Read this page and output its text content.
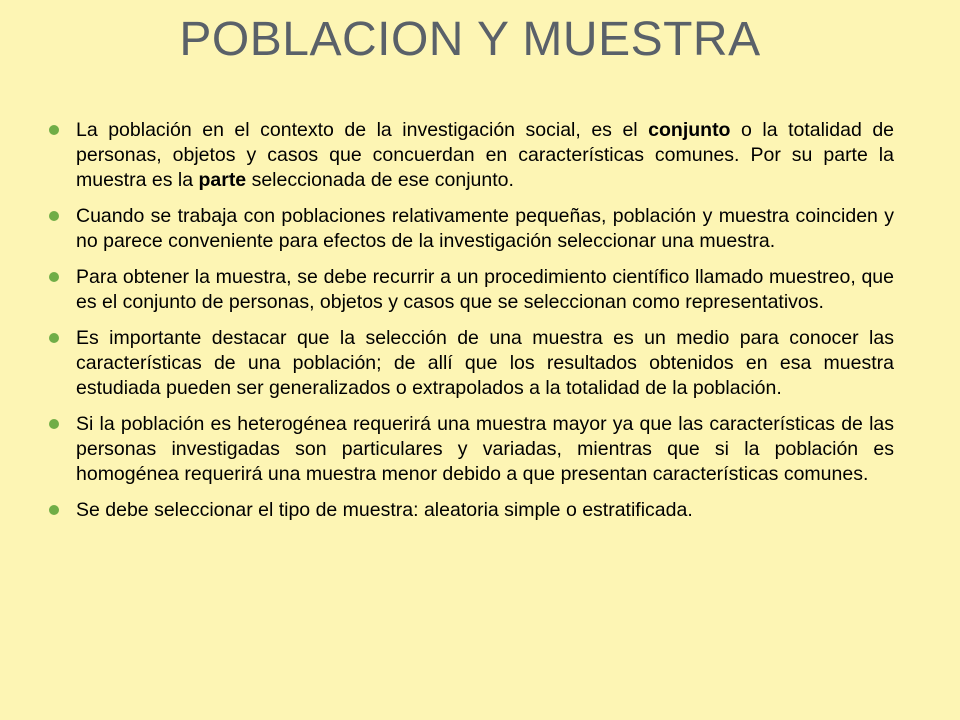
POBLACION Y MUESTRA
La población en el contexto de la investigación social, es el conjunto o la totalidad de personas, objetos y casos que concuerdan en características comunes. Por su parte la muestra es la parte seleccionada de ese conjunto.
Cuando se trabaja con poblaciones relativamente pequeñas, población y muestra coinciden y no parece conveniente para efectos de la investigación seleccionar una muestra.
Para obtener la muestra, se debe recurrir a un procedimiento científico llamado muestreo, que es el conjunto de personas, objetos y casos que se seleccionan como representativos.
Es importante destacar que la selección de una muestra es un medio para conocer las características de una población; de allí que los resultados obtenidos en esa muestra estudiada pueden ser generalizados o extrapolados a la totalidad de la población.
Si la población es heterogénea requerirá una muestra mayor ya que las características de las personas investigadas son particulares y variadas, mientras que si la población es homogénea requerirá una muestra menor debido a que presentan características comunes.
Se debe seleccionar el tipo de muestra: aleatoria simple o estratificada.
